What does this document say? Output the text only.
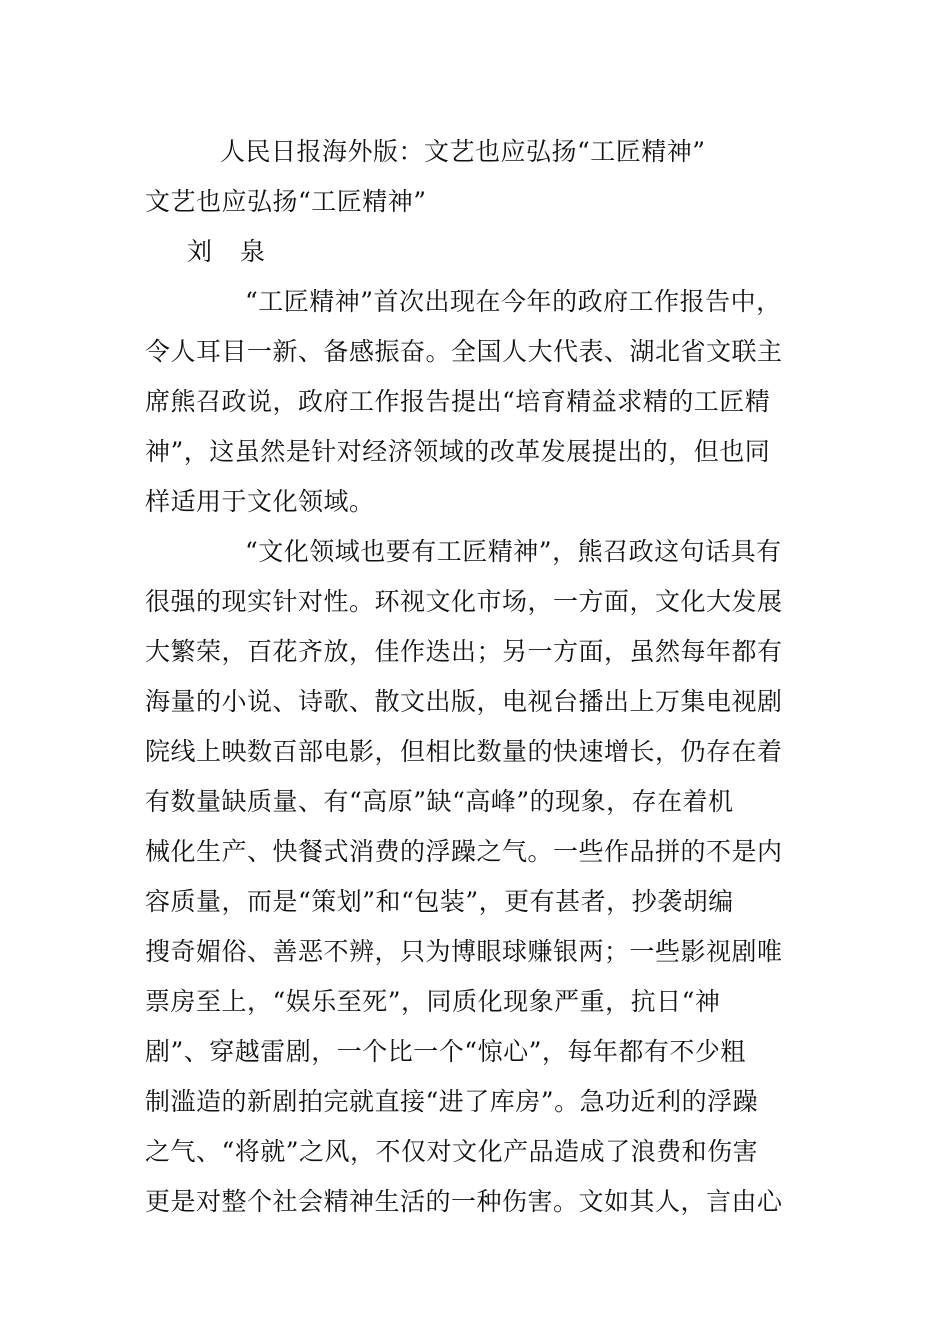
人民日报海外版：文艺也应弘扬“工匠精神”
文艺也应弘扬“工匠精神”
刘 泉
“工匠精神”首次出现在今年的政府工作报告中，
令人耳目一新、备感振奋。全国人大代表、湖北省文联主
席熊召政说，政府工作报告提出“培育精益求精的工匠精
神”，这虽然是针对经济领域的改革发展提出的，但也同
样适用于文化领域。
“文化领域也要有工匠精神”，熊召政这句话具有
很强的现实针对性。环视文化市场，一方面，文化大发展
大繁荣，百花齐放，佳作迭出；另一方面，虽然每年都有
海量的小说、诗歌、散文出版，电视台播出上万集电视剧
院线上映数百部电影，但相比数量的快速增长，仍存在着
有数量缺质量、有“高原”缺“高峰”的现象，存在着机
械化生产、快餐式消费的浮躁之气。一些作品拼的不是内
容质量，而是“策划”和“包装”，更有甚者，抄袭胡编
搜奇媚俗、善恶不辨，只为博眼球赚银两；一些影视剧唯
票房至上，“娱乐至死”，同质化现象严重，抗日“神
剧”、穿越雷剧，一个比一个“惊心”，每年都有不少粗
制滥造的新剧拍完就直接“进了库房”。急功近利的浮躁
之气、“将就”之风，不仅对文化产品造成了浪费和伤害
更是对整个社会精神生活的一种伤害。文如其人，言由心
